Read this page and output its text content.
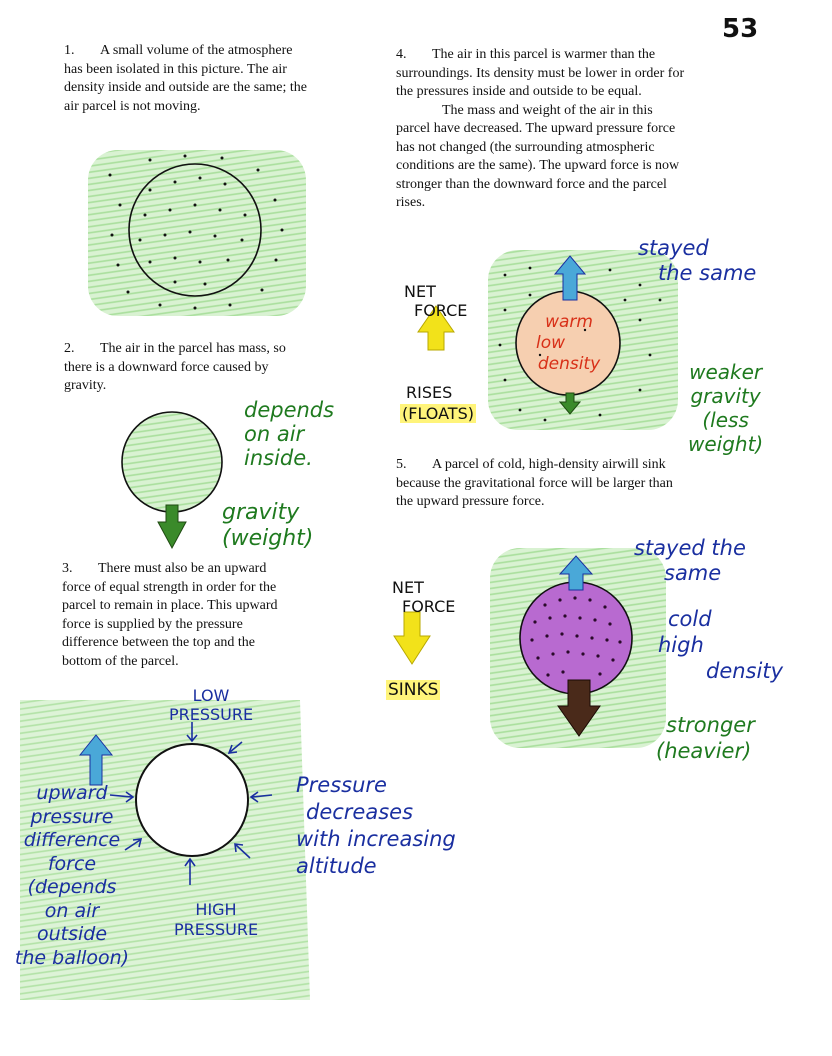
53
1. A small volume of the atmosphere has been isolated in this picture. The air density inside and outside are the same; the air parcel is not moving.
2. The air in the parcel has mass, so there is a downward force caused by gravity.
3. There must also be an upward force of equal strength in order for the parcel to remain in place. This upward force is supplied by the pressure difference between the top and the bottom of the parcel.
4. The air in this parcel is warmer than the surroundings. Its density must be lower in order for the pressures inside and outside to be equal.
The mass and weight of the air in this parcel have decreased. The upward pressure force has not changed (the surrounding atmospheric conditions are the same). The upward force is now stronger than the downward force and the parcel rises.
5. A parcel of cold, high-density airwill sink because the gravitational force will be larger than the upward pressure force.
depends
on air
inside.
gravity
(weight)
LOW
PRESSURE
HIGH
PRESSURE
Pressure
decreases
with increasing
altitude
upward
pressure
difference
force
(depends
on air
outside
the balloon)
stayed
the same
NET
FORCE
RISES
(FLOATS)
warm
low
density	weaker
gravity
(less
weight)
stayed the
same
NET
FORCE
SINKS
cold
high
density
stronger
(heavier)
